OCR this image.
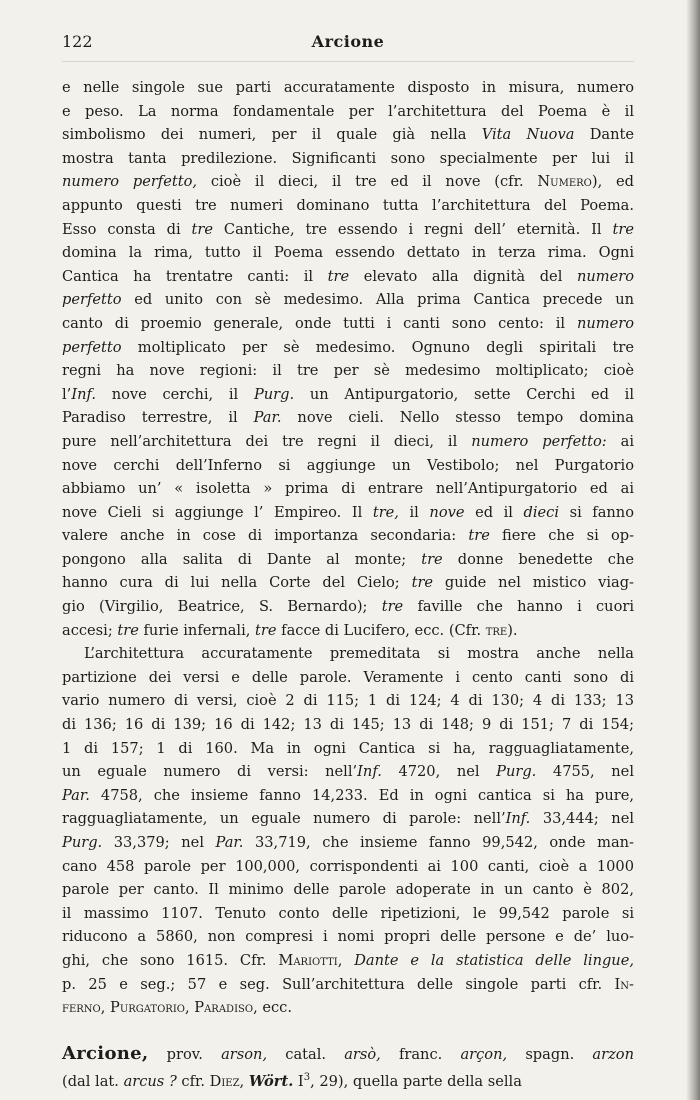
122	Arcione
e nelle singole sue parti accuratamente disposto in misura, numero
e peso. La norma fondamentale per l’architettura del Poema è il
simbolismo dei numeri, per il quale già nella Vita Nuova Dante
mostra tanta predilezione. Significanti sono specialmente per lui il
numero perfetto, cioè il dieci, il tre ed il nove (cfr. Numero), ed
appunto questi tre numeri dominano tutta l’architettura del Poema.
Esso consta di tre Cantiche, tre essendo i regni dell’ eternità. Il tre
domina la rima, tutto il Poema essendo dettato in terza rima. Ogni
Cantica ha trentatre canti: il tre elevato alla dignità del numero
perfetto ed unito con sè medesimo. Alla prima Cantica precede un
canto di proemio generale, onde tutti i canti sono cento: il numero
perfetto moltiplicato per sè medesimo. Ognuno degli spiritali tre
regni ha nove regioni: il tre per sè medesimo moltiplicato; cioè
l’Inf. nove cerchi, il Purg. un Antipurgatorio, sette Cerchi ed il
Paradiso terrestre, il Par. nove cieli. Nello stesso tempo domina
pure nell’architettura dei tre regni il dieci, il numero perfetto: ai
nove cerchi dell’Inferno si aggiunge un Vestibolo; nel Purgatorio
abbiamo un’ « isoletta » prima di entrare nell’Antipurgatorio ed ai
nove Cieli si aggiunge l’ Empireo. Il tre, il nove ed il dieci si fanno
valere anche in cose di importanza secondaria: tre fiere che si op-
pongono alla salita di Dante al monte; tre donne benedette che
hanno cura di lui nella Corte del Cielo; tre guide nel mistico viag-
gio (Virgilio, Beatrice, S. Bernardo); tre faville che hanno i cuori
accesi; tre furie infernali, tre facce di Lucifero, ecc. (Cfr. tre).
L’architettura accuratamente premeditata si mostra anche nella
partizione dei versi e delle parole. Veramente i cento canti sono di
vario numero di versi, cioè 2 di 115; 1 di 124; 4 di 130; 4 di 133; 13
di 136; 16 di 139; 16 di 142; 13 di 145; 13 di 148; 9 di 151; 7 di 154;
1 di 157; 1 di 160. Ma in ogni Cantica si ha, ragguagliatamente,
un eguale numero di versi: nell’Inf. 4720, nel Purg. 4755, nel
Par. 4758, che insieme fanno 14,233. Ed in ogni cantica si ha pure,
ragguagliatamente, un eguale numero di parole: nell’Inf. 33,444; nel
Purg. 33,379; nel Par. 33,719, che insieme fanno 99,542, onde man-
cano 458 parole per 100,000, corrispondenti ai 100 canti, cioè a 1000
parole per canto. Il minimo delle parole adoperate in un canto è 802,
il massimo 1107. Tenuto conto delle ripetizioni, le 99,542 parole si
riducono a 5860, non compresi i nomi propri delle persone e de’ luo-
ghi, che sono 1615. Cfr. Mariotti, Dante e la statistica delle lingue,
p. 25 e seg.; 57 e seg. Sull’architettura delle singole parti cfr. In-
ferno, Purgatorio, Paradiso, ecc.
Arcione, prov. arson, catal. arsò, franc. arçon, spagn. arzon
(dal lat. arcus ? cfr. Diez, Wört. $I^3$, 29), quella parte della sella
